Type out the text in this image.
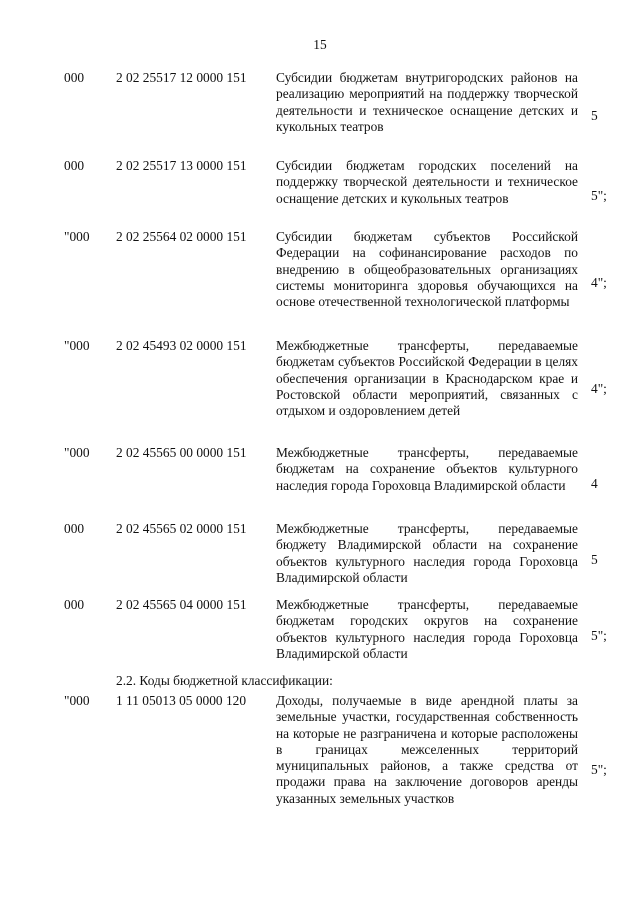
15
000 2 02 25517 12 0000 151 Субсидии бюджетам внутригородских районов на реализацию мероприятий на поддержку творческой деятельности и техническое оснащение детских и кукольных театров
5
000 2 02 25517 13 0000 151 Субсидии бюджетам городских поселений на поддержку творческой деятельности и техническое оснащение детских и кукольных театров	5";
"000 2 02 25564 02 0000 151 Субсидии бюджетам субъектов Российской Федерации на софинансирование расходов по внедрению в общеобразовательных организациях системы мониторинга здоровья обучающихся на основе отечественной технологической платформы
4";
"000 2 02 45493 02 0000 151 Межбюджетные трансферты, передаваемые бюджетам субъектов Российской Федерации в целях обеспечения организации в Краснодарском крае и Ростовской области мероприятий, связанных с отдыхом и оздоровлением детей
4";
"000 2 02 45565 00 0000 151 Межбюджетные трансферты, передаваемые бюджетам на сохранение объектов культурного наследия города Гороховца Владимирской области	4
000 2 02 45565 02 0000 151 Межбюджетные трансферты, передаваемые бюджету Владимирской области на сохранение объектов культурного наследия города Гороховца Владимирской области
5
000 2 02 45565 04 0000 151 Межбюджетные трансферты, передаваемые бюджетам городских округов на сохранение объектов культурного наследия города Гороховца Владимирской области
5";
2.2. Коды бюджетной классификации:
"000 1 11 05013 05 0000 120 Доходы, получаемые в виде арендной платы за земельные участки, государственная собственность на которые не разграничена и которые расположены в границах межселенных территорий муниципальных районов, а также средства от продажи права на заключение договоров аренды указанных земельных участков
5";
